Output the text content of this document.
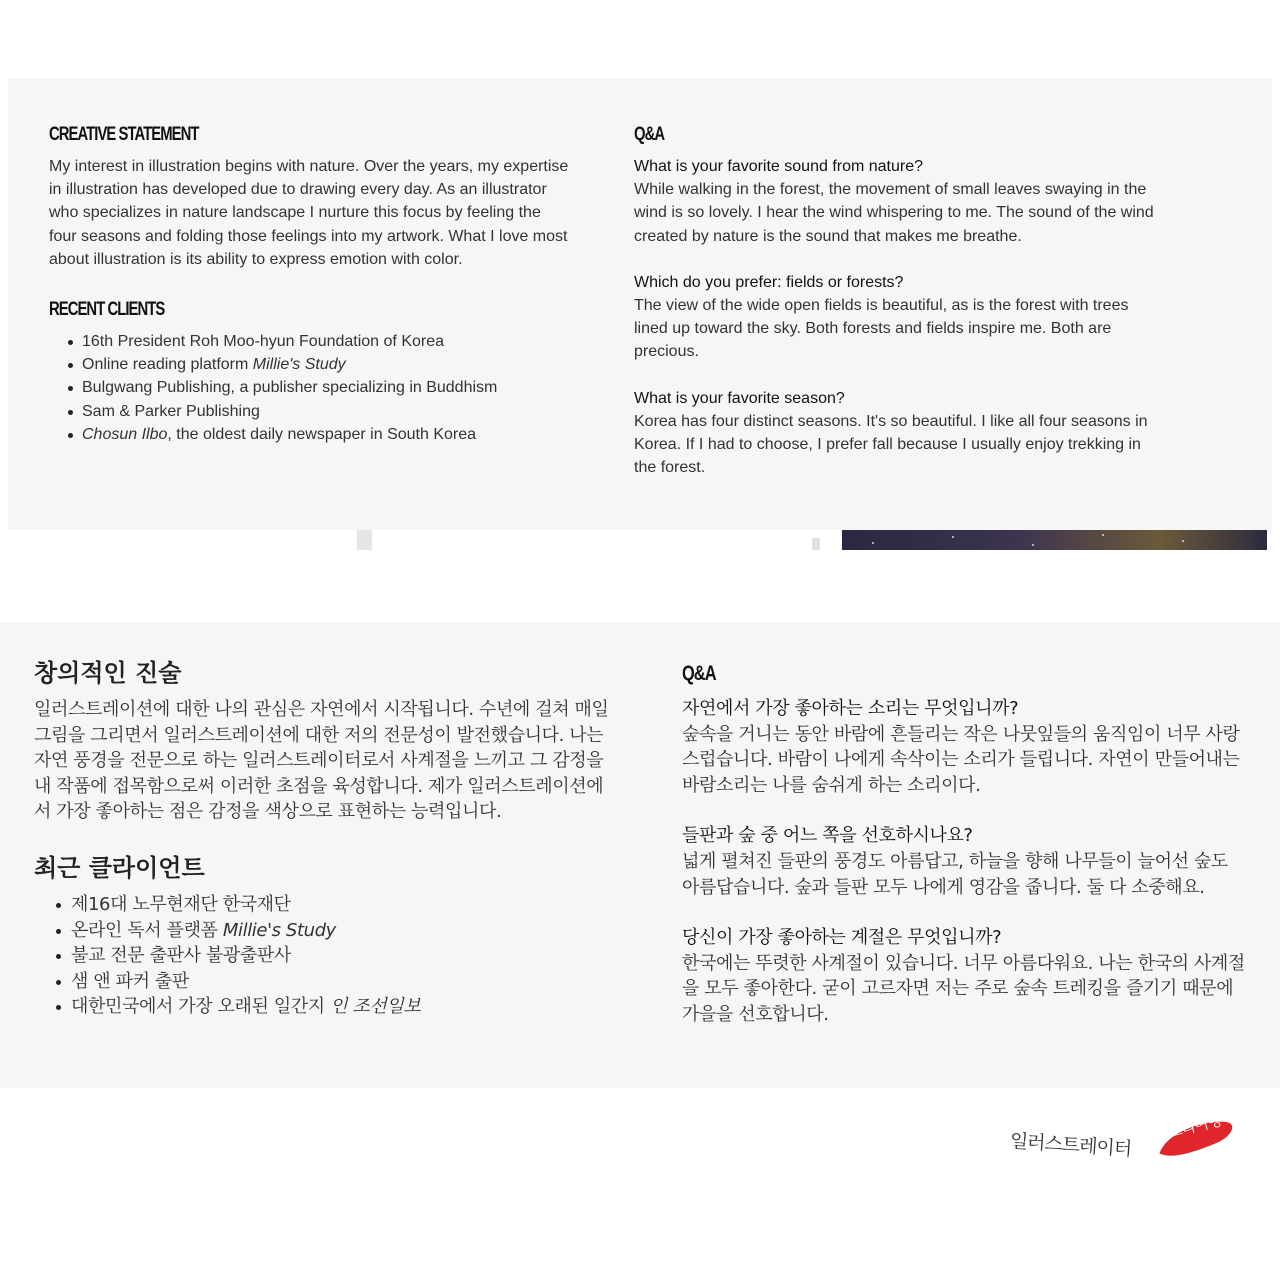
CREATIVE STATEMENT

My interest in illustration begins with nature. Over the years, my expertise in illustration has developed due to drawing every day. As an illustrator who specializes in nature landscape I nurture this focus by feeling the four seasons and folding those feelings into my artwork. What I love most about illustration is its ability to express emotion with color.

RECENT CLIENTS
16th President Roh Moo-hyun Foundation of Korea
Online reading platform Millie's Study
Bulgwang Publishing, a publisher specializing in Buddhism
Sam & Parker Publishing
Chosun Ilbo, the oldest daily newspaper in South Korea
Q&A

What is your favorite sound from nature?

While walking in the forest, the movement of small leaves swaying in the wind is so lovely. I hear the wind whispering to me. The sound of the wind created by nature is the sound that makes me breathe.

Which do you prefer: fields or forests?

The view of the wide open fields is beautiful, as is the forest with trees lined up toward the sky. Both forests and fields inspire me. Both are precious.

What is your favorite season?

Korea has four distinct seasons. It's so beautiful. I like all four seasons in Korea. If I had to choose, I prefer fall because I usually enjoy trekking in the forest.

창의적인 진술

일러스트레이션에 대한 나의 관심은 자연에서 시작됩니다. 수년에 걸쳐 매일 그림을 그리면서 일러스트레이션에 대한 저의 전문성이 발전했습니다. 나는 자연 풍경을 전문으로 하는 일러스트레이터로서 사계절을 느끼고 그 감정을 내 작품에 접목함으로써 이러한 초점을 육성합니다. 제가 일러스트레이션에서 가장 좋아하는 점은 감정을 색상으로 표현하는 능력입니다.

최근 클라이언트
제16대 노무현재단 한국재단
온라인 독서 플랫폼 Millie's Study
불교 전문 출판사 불광출판사
샘 앤 파커 출판
대한민국에서 가장 오래된 일간지 인 조선일보
Q&A

자연에서 가장 좋아하는 소리는 무엇입니까?

숲속을 거니는 동안 바람에 흔들리는 작은 나뭇잎들의 움직임이 너무 사랑스럽습니다. 바람이 나에게 속삭이는 소리가 들립니다. 자연이 만들어내는 바람소리는 나를 숨쉬게 하는 소리이다.

들판과 숲 중 어느 쪽을 선호하시나요?

넓게 펼쳐진 들판의 풍경도 아름답고, 하늘을 향해 나무들이 늘어선 숲도 아름답습니다. 숲과 들판 모두 나에게 영감을 줍니다. 둘 다 소중해요.

당신이 가장 좋아하는 계절은 무엇입니까?

한국에는 뚜렷한 사계절이 있습니다. 너무 아름다워요. 나는 한국의 사계절을 모두 좋아한다. 굳이 고르자면 저는 주로 숲속 트레킹을 즐기기 때문에 가을을 선호합니다.

일러스트레이터
소리여행
